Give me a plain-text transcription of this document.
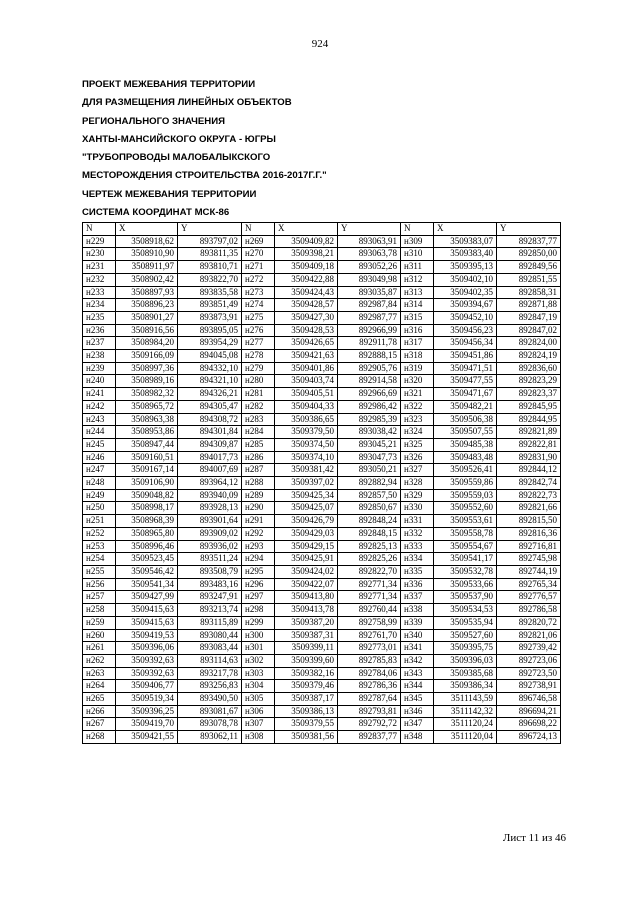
924
ПРОЕКТ МЕЖЕВАНИЯ ТЕРРИТОРИИ
ДЛЯ РАЗМЕЩЕНИЯ ЛИНЕЙНЫХ ОБЪЕКТОВ
РЕГИОНАЛЬНОГО ЗНАЧЕНИЯ
ХАНТЫ-МАНСИЙСКОГО ОКРУГА - ЮГРЫ
"ТРУБОПРОВОДЫ МАЛОБАЛЫКСКОГО
МЕСТОРОЖДЕНИЯ СТРОИТЕЛЬСТВА 2016-2017Г.Г."
ЧЕРТЕЖ МЕЖЕВАНИЯ ТЕРРИТОРИИ
СИСТЕМА КООРДИНАТ МСК-86
N	X	Y	N	X	Y	N	X	Y
н229	3508918,62	893797,02	н269	3509409,82	893063,91	н309	3509383,07	892837,77
н230	3508910,90	893811,35	н270	3509398,21	893063,78	н310	3509383,40	892850,00
н231	3508911,97	893810,71	н271	3509409,18	893052,26	н311	3509395,13	892849,56
н232	3508902,42	893822,70	н272	3509422,88	893049,98	н312	3509402,10	892851,55
н233	3508897,93	893835,58	н273	3509424,43	893035,87	н313	3509402,35	892858,31
н234	3508896,23	893851,49	н274	3509428,57	892987,84	н314	3509394,67	892871,88
н235	3508901,27	893873,91	н275	3509427,30	892987,77	н315	3509452,10	892847,19
н236	3508916,56	893895,05	н276	3509428,53	892966,99	н316	3509456,23	892847,02
н237	3508984,20	893954,29	н277	3509426,65	892911,78	н317	3509456,34	892824,00
н238	3509166,09	894045,08	н278	3509421,63	892888,15	н318	3509451,86	892824,19
н239	3508997,36	894332,10	н279	3509401,86	892905,76	н319	3509471,51	892836,60
н240	3508989,16	894321,10	н280	3509403,74	892914,58	н320	3509477,55	892823,29
н241	3508982,32	894326,21	н281	3509405,51	892966,69	н321	3509471,67	892823,37
н242	3508965,72	894305,47	н282	3509404,33	892986,42	н322	3509482,21	892845,95
н243	3508963,38	894308,72	н283	3509386,65	892985,39	н323	3509506,38	892844,95
н244	3508953,86	894301,84	н284	3509379,50	893038,42	н324	3509507,55	892821,89
н245	3508947,44	894309,87	н285	3509374,50	893045,21	н325	3509485,38	892822,81
н246	3509160,51	894017,73	н286	3509374,10	893047,73	н326	3509483,48	892831,90
н247	3509167,14	894007,69	н287	3509381,42	893050,21	н327	3509526,41	892844,12
н248	3509106,90	893964,12	н288	3509397,02	892882,94	н328	3509559,86	892842,74
н249	3509048,82	893940,09	н289	3509425,34	892857,50	н329	3509559,03	892822,73
н250	3508998,17	893928,13	н290	3509425,07	892850,67	н330	3509552,60	892821,66
н251	3508968,39	893901,64	н291	3509426,79	892848,24	н331	3509553,61	892815,50
н252	3508965,80	893909,02	н292	3509429,03	892848,15	н332	3509558,78	892816,36
н253	3508996,46	893936,02	н293	3509429,15	892825,13	н333	3509554,67	892716,81
н254	3509523,45	893511,24	н294	3509425,91	892825,26	н334	3509541,17	892745,98
н255	3509546,42	893508,79	н295	3509424,02	892822,70	н335	3509532,78	892744,19
н256	3509541,34	893483,16	н296	3509422,07	892771,34	н336	3509533,66	892765,34
н257	3509427,99	893247,91	н297	3509413,80	892771,34	н337	3509537,90	892776,57
н258	3509415,63	893213,74	н298	3509413,78	892760,44	н338	3509534,53	892786,58
н259	3509415,63	893115,89	н299	3509387,20	892758,99	н339	3509535,94	892820,72
н260	3509419,53	893080,44	н300	3509387,31	892761,70	н340	3509527,60	892821,06
н261	3509396,06	893083,44	н301	3509399,11	892773,01	н341	3509395,75	892739,42
н262	3509392,63	893114,63	н302	3509399,60	892785,83	н342	3509396,03	892723,06
н263	3509392,63	893217,78	н303	3509382,16	892784,06	н343	3509385,68	892723,50
н264	3509406,77	893256,83	н304	3509379,46	892786,36	н344	3509386,34	892738,91
н265	3509519,34	893490,50	н305	3509387,17	892787,64	н345	3511143,59	896746,58
н266	3509396,25	893081,67	н306	3509386,13	892793,81	н346	3511142,32	896694,21
н267	3509419,70	893078,78	н307	3509379,55	892792,72	н347	3511120,24	896698,22
н268	3509421,55	893062,11	н308	3509381,56	892837,77	н348	3511120,04	896724,13
Лист 11 из 46
